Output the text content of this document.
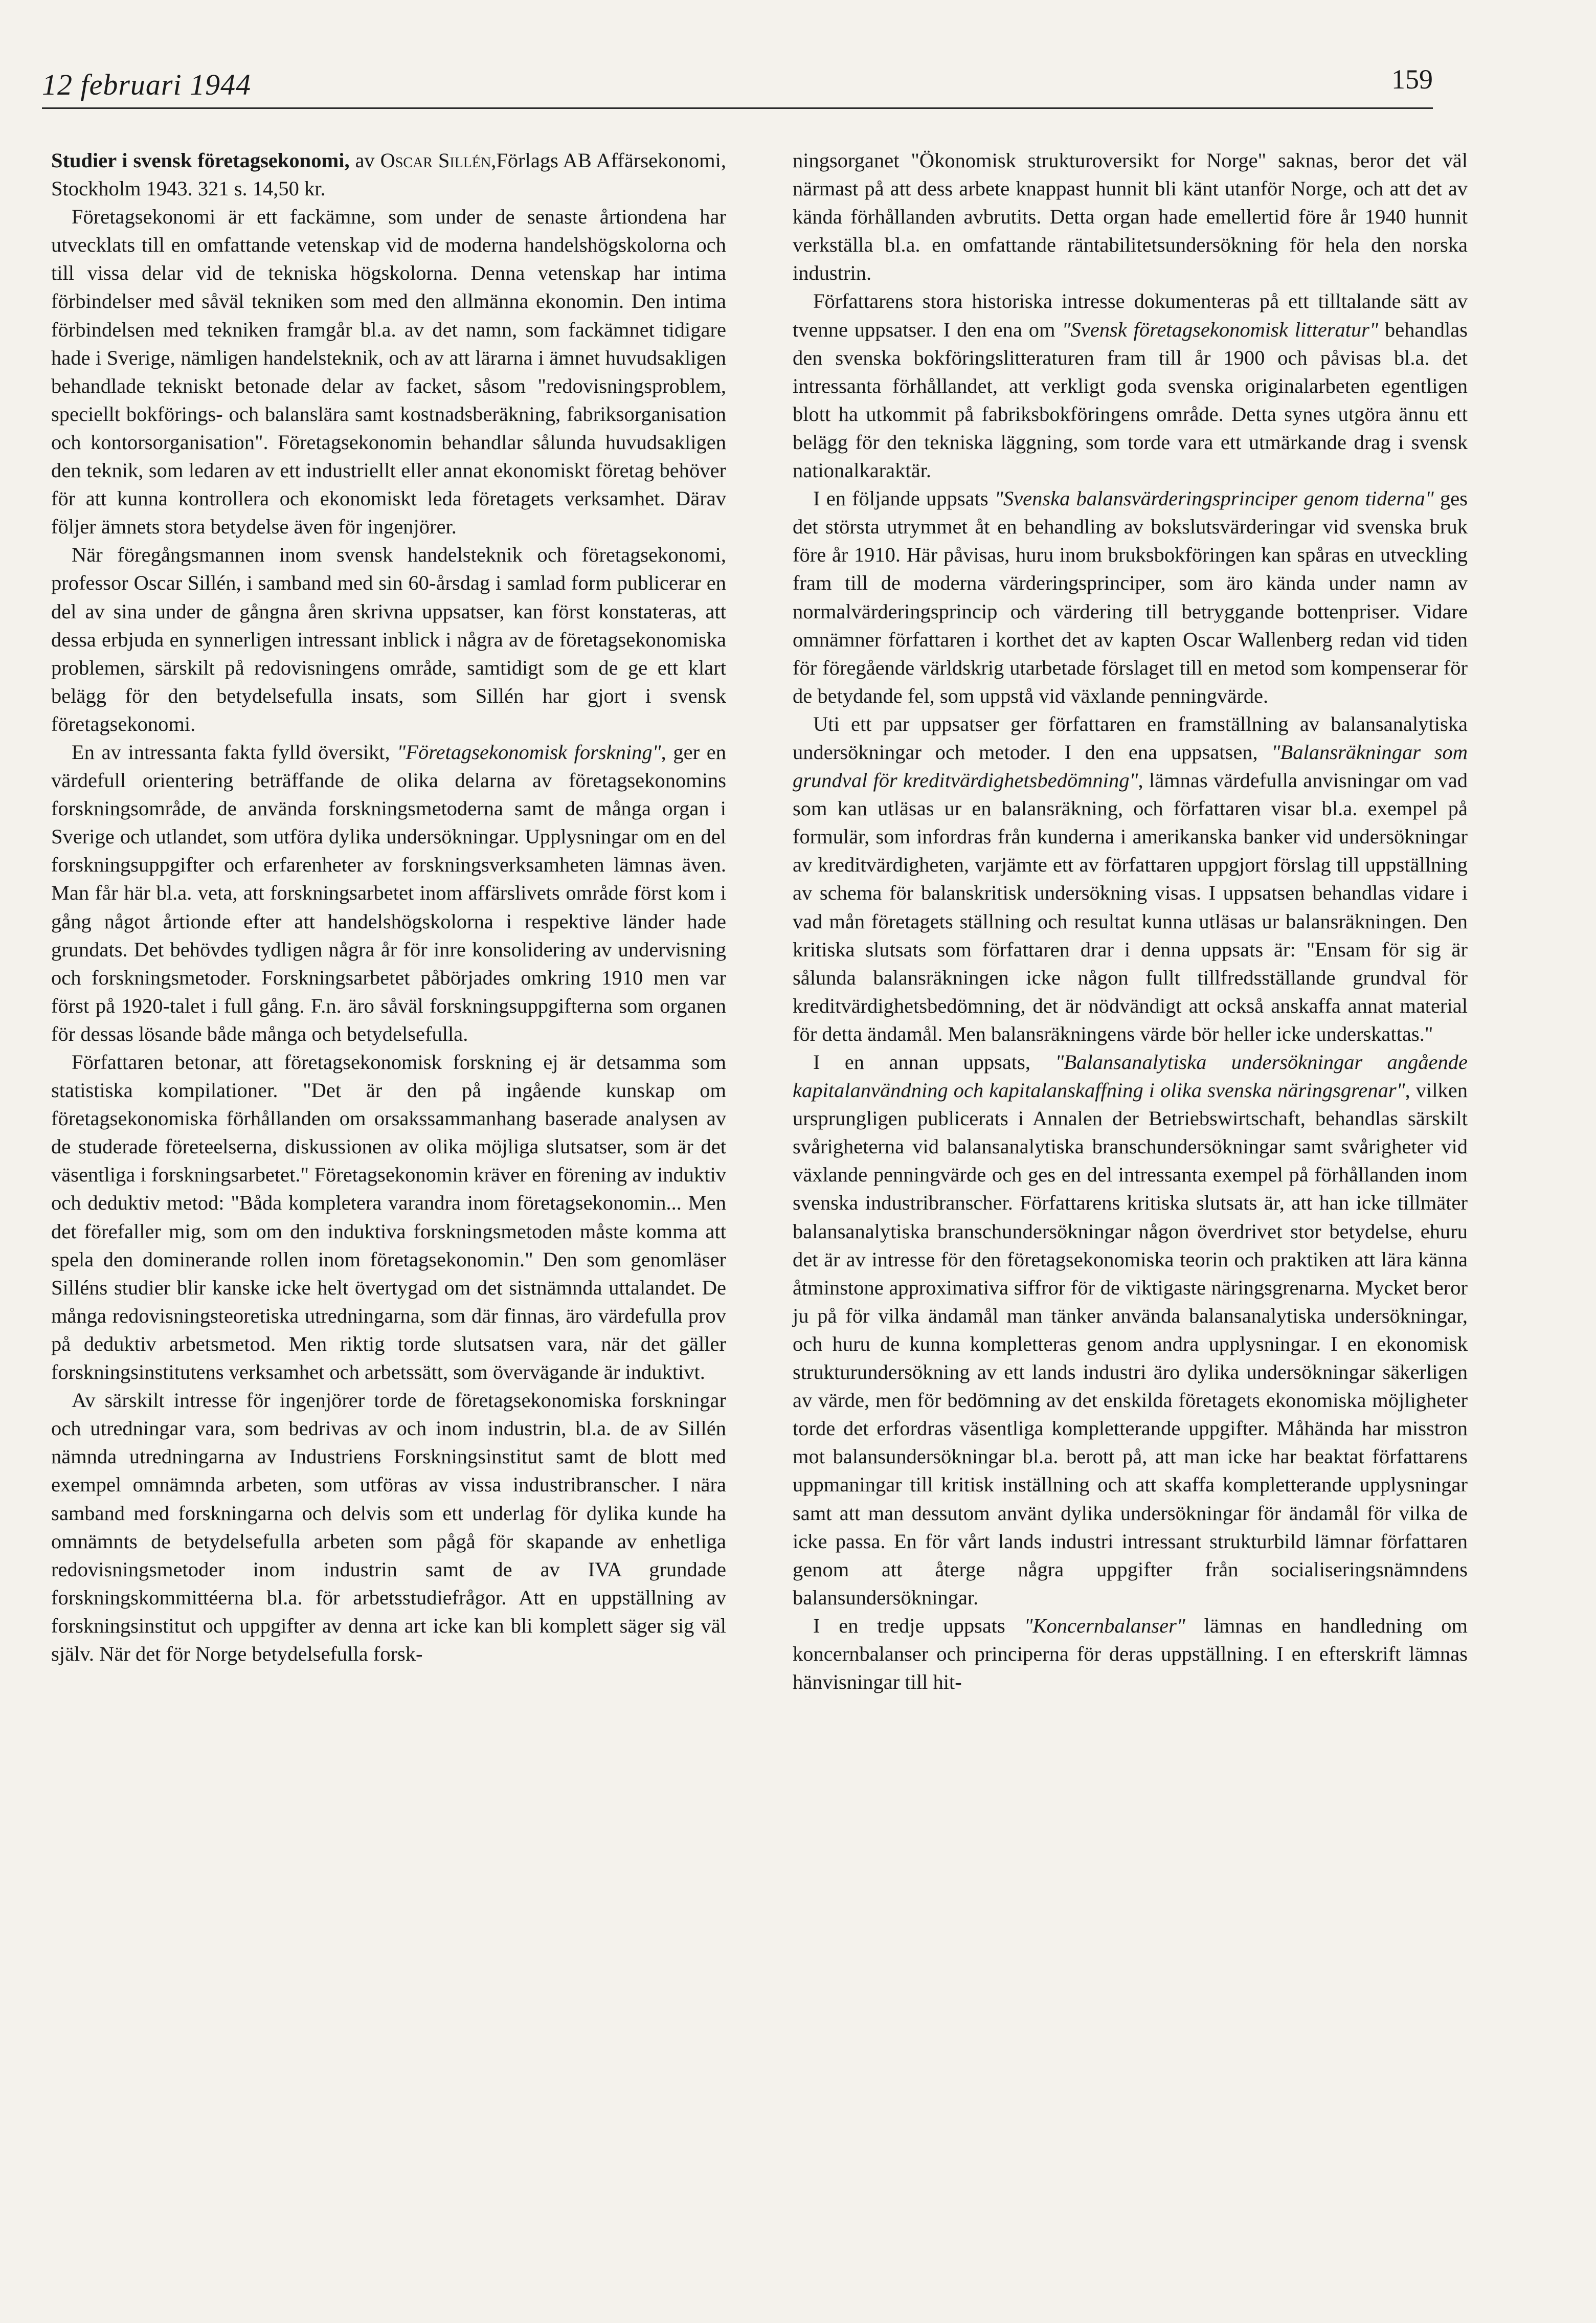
12 februari 1944	159

Studier i svensk företagsekonomi, av Oscar Sillén,Förlags AB Affärsekonomi, Stockholm 1943. 321 s. 14,50 kr.

Företagsekonomi är ett fackämne, som under de senaste årtiondena har utvecklats till en omfattande vetenskap vid de moderna handelshögskolorna och till vissa delar vid de tekniska högskolorna. Denna vetenskap har intima förbindelser med såväl tekniken som med den allmänna ekonomin. Den intima förbindelsen med tekniken framgår bl.a. av det namn, som fackämnet tidigare hade i Sverige, nämligen handelsteknik, och av att lärarna i ämnet huvudsakligen behandlade tekniskt betonade delar av facket, såsom "redovisningsproblem, speciellt bokförings- och balanslära samt kostnadsberäkning, fabriksorganisation och kontorsorganisation". Företagsekonomin behandlar sålunda huvudsakligen den teknik, som ledaren av ett industriellt eller annat ekonomiskt företag behöver för att kunna kontrollera och ekonomiskt leda företagets verksamhet. Därav följer ämnets stora betydelse även för ingenjörer.

När föregångsmannen inom svensk handelsteknik och företagsekonomi, professor Oscar Sillén, i samband med sin 60-årsdag i samlad form publicerar en del av sina under de gångna åren skrivna uppsatser, kan först konstateras, att dessa erbjuda en synnerligen intressant inblick i några av de företagsekonomiska problemen, särskilt på redovisningens område, samtidigt som de ge ett klart belägg för den betydelsefulla insats, som Sillén har gjort i svensk företagsekonomi.

En av intressanta fakta fylld översikt, "Företagsekonomisk forskning", ger en värdefull orientering beträffande de olika delarna av företagsekonomins forskningsområde, de använda forskningsmetoderna samt de många organ i Sverige och utlandet, som utföra dylika undersökningar. Upplysningar om en del forskningsuppgifter och erfarenheter av forskningsverksamheten lämnas även. Man får här bl.a. veta, att forskningsarbetet inom affärslivets område först kom i gång något årtionde efter att handelshögskolorna i respektive länder hade grundats. Det behövdes tydligen några år för inre konsolidering av undervisning och forskningsmetoder. Forskningsarbetet påbörjades omkring 1910 men var först på 1920-talet i full gång. F.n. äro såväl forskningsuppgifterna som organen för dessas lösande både många och betydelsefulla.

Författaren betonar, att företagsekonomisk forskning ej är detsamma som statistiska kompilationer. "Det är den på ingående kunskap om företagsekonomiska förhållanden om orsakssammanhang baserade analysen av de studerade företeelserna, diskussionen av olika möjliga slutsatser, som är det väsentliga i forskningsarbetet." Företagsekonomin kräver en förening av induktiv och deduktiv metod: "Båda kompletera varandra inom företagsekonomin... Men det förefaller mig, som om den induktiva forskningsmetoden måste komma att spela den dominerande rollen inom företagsekonomin." Den som genomläser Silléns studier blir kanske icke helt övertygad om det sistnämnda uttalandet. De många redovisningsteoretiska utredningarna, som där finnas, äro värdefulla prov på deduktiv arbetsmetod. Men riktig torde slutsatsen vara, när det gäller forskningsinstitutens verksamhet och arbetssätt, som övervägande är induktivt.

Av särskilt intresse för ingenjörer torde de företagsekonomiska forskningar och utredningar vara, som bedrivas av och inom industrin, bl.a. de av Sillén nämnda utredningarna av Industriens Forskningsinstitut samt de blott med exempel omnämnda arbeten, som utföras av vissa industribranscher. I nära samband med forskningarna och delvis som ett underlag för dylika kunde ha omnämnts de betydelsefulla arbeten som pågå för skapande av enhetliga redovisningsmetoder inom industrin samt de av IVA grundade forskningskommittéerna bl.a. för arbetsstudiefrågor. Att en uppställning av forskningsinstitut och uppgifter av denna art icke kan bli komplett säger sig väl själv. När det för Norge betydelsefulla forsk-

ningsorganet "Ökonomisk strukturoversikt for Norge" saknas, beror det väl närmast på att dess arbete knappast hunnit bli känt utanför Norge, och att det av kända förhållanden avbrutits. Detta organ hade emellertid före år 1940 hunnit verkställa bl.a. en omfattande räntabilitetsundersökning för hela den norska industrin.

Författarens stora historiska intresse dokumenteras på ett tilltalande sätt av tvenne uppsatser. I den ena om "Svensk företagsekonomisk litteratur" behandlas den svenska bokföringslitteraturen fram till år 1900 och påvisas bl.a. det intressanta förhållandet, att verkligt goda svenska originalarbeten egentligen blott ha utkommit på fabriksbokföringens område. Detta synes utgöra ännu ett belägg för den tekniska läggning, som torde vara ett utmärkande drag i svensk nationalkaraktär.

I en följande uppsats "Svenska balansvärderingsprinciper genom tiderna" ges det största utrymmet åt en behandling av bokslutsvärderingar vid svenska bruk före år 1910. Här påvisas, huru inom bruksbokföringen kan spåras en utveckling fram till de moderna värderingsprinciper, som äro kända under namn av normalvärderingsprincip och värdering till betryggande bottenpriser. Vidare omnämner författaren i korthet det av kapten Oscar Wallenberg redan vid tiden för föregående världskrig utarbetade förslaget till en metod som kompenserar för de betydande fel, som uppstå vid växlande penningvärde.

Uti ett par uppsatser ger författaren en framställning av balansanalytiska undersökningar och metoder. I den ena uppsatsen, "Balansräkningar som grundval för kreditvärdighetsbedömning", lämnas värdefulla anvisningar om vad som kan utläsas ur en balansräkning, och författaren visar bl.a. exempel på formulär, som infordras från kunderna i amerikanska banker vid undersökningar av kreditvärdigheten, varjämte ett av författaren uppgjort förslag till uppställning av schema för balanskritisk undersökning visas. I uppsatsen behandlas vidare i vad mån företagets ställning och resultat kunna utläsas ur balansräkningen. Den kritiska slutsats som författaren drar i denna uppsats är: "Ensam för sig är sålunda balansräkningen icke någon fullt tillfredsställande grundval för kreditvärdighetsbedömning, det är nödvändigt att också anskaffa annat material för detta ändamål. Men balansräkningens värde bör heller icke underskattas."

I en annan uppsats, "Balansanalytiska undersökningar angående kapitalanvändning och kapitalanskaffning i olika svenska näringsgrenar", vilken ursprungligen publicerats i Annalen der Betriebswirtschaft, behandlas särskilt svårigheterna vid balansanalytiska branschundersökningar samt svårigheter vid växlande penningvärde och ges en del intressanta exempel på förhållanden inom svenska industribranscher. Författarens kritiska slutsats är, att han icke tillmäter balansanalytiska branschundersökningar någon överdrivet stor betydelse, ehuru det är av intresse för den företagsekonomiska teorin och praktiken att lära känna åtminstone approximativa siffror för de viktigaste näringsgrenarna. Mycket beror ju på för vilka ändamål man tänker använda balansanalytiska undersökningar, och huru de kunna kompletteras genom andra upplysningar. I en ekonomisk strukturundersökning av ett lands industri äro dylika undersökningar säkerligen av värde, men för bedömning av det enskilda företagets ekonomiska möjligheter torde det erfordras väsentliga kompletterande uppgifter. Måhända har misstron mot balansundersökningar bl.a. berott på, att man icke har beaktat författarens uppmaningar till kritisk inställning och att skaffa kompletterande upplysningar samt att man dessutom använt dylika undersökningar för ändamål för vilka de icke passa. En för vårt lands industri intressant strukturbild lämnar författaren genom att återge några uppgifter från socialiseringsnämndens balansundersökningar.

I en tredje uppsats "Koncernbalanser" lämnas en handledning om koncernbalanser och principerna för deras uppställning. I en efterskrift lämnas hänvisningar till hit-
